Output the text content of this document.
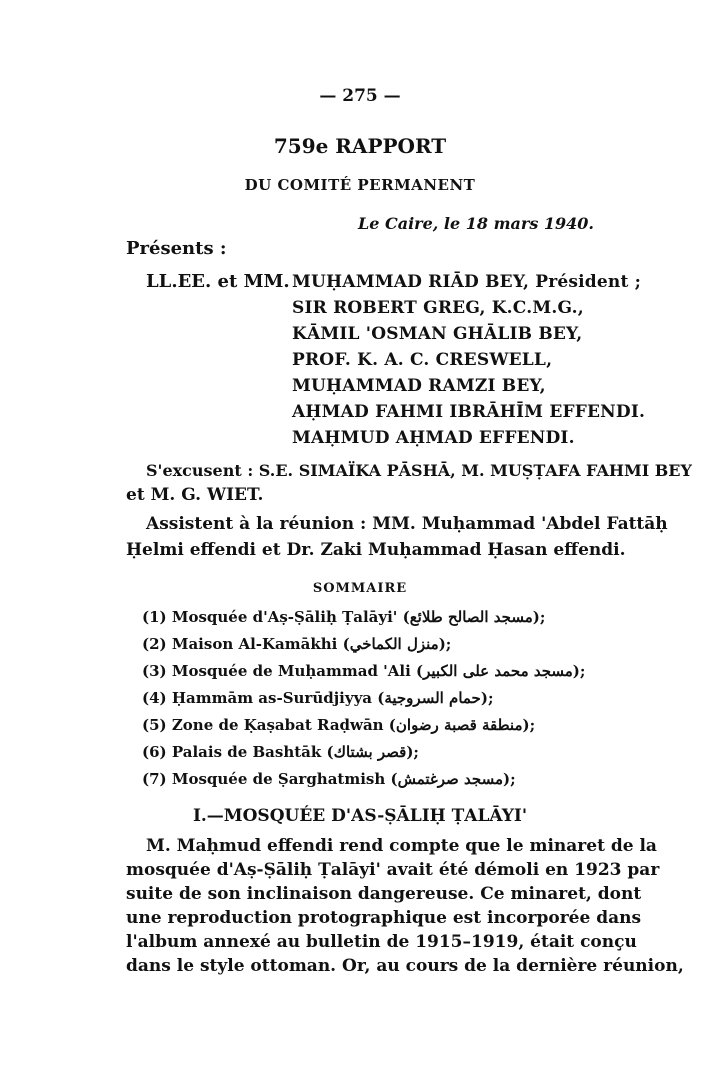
— 275 —
759e RAPPORT
DU COMITÉ PERMANENT
Le Caire, le 18 mars 1940.
Présents :
LL.EE. et MM. MUḤAMMAD RIĀD BEY, Président ;
SIR ROBERT GREG, K.C.M.G.,
KĀMIL 'OSMAN GHĀLIB BEY,
PROF. K. A. C. CRESWELL,
MUḤAMMAD RAMZI BEY,
AḤMAD FAHMI IBRĀHĪM EFFENDI.
MAḤMUD AḤMAD EFFENDI.
S'excusent : S.E. SIMAÏKA PĀSHĀ, M. MUṢṬAFA FAHMI BEY
et M. G. WIET.
Assistent à la réunion : MM. Muḥammad 'Abdel Fattāḥ
Ḥelmi effendi et Dr. Zaki Muḥammad Ḥasan effendi.
SOMMAIRE
(1) Mosquée d'Aṣ-Ṣāliḥ Ṭalāyi' (مسجد الصالح طلائع);
(2) Maison Al-Kamākhi (منزل الكماخي);
(3) Mosquée de Muḥammad 'Ali (مسجد محمد على الكبير);
(4) Ḥammām as-Surūdjiyya (حمام السروجية);
(5) Zone de Ḳaṣabat Raḍwān (منطقة قصبة رضوان);
(6) Palais de Bashtāk (قصر بشتاك);
(7) Mosquée de Ṣarghatmish (مسجد صرغتمش);
I.—MOSQUÉE D'AS-ṢĀLIḤ ṬALĀYI'
M. Maḥmud effendi rend compte que le minaret de la
mosquée d'Aṣ-Ṣāliḥ Ṭalāyi' avait été démoli en 1923 par
suite de son inclinaison dangereuse. Ce minaret, dont
une reproduction protographique est incorporée dans
l'album annexé au bulletin de 1915–1919, était conçu
dans le style ottoman. Or, au cours de la dernière réunion,
